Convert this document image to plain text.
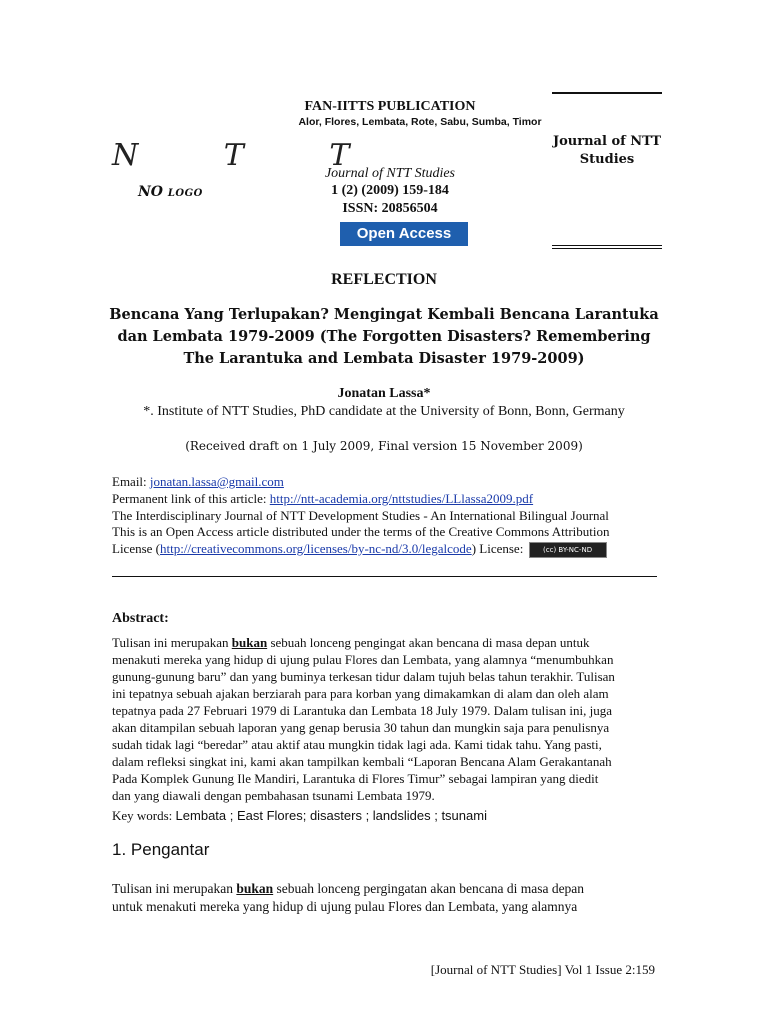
FAN-IITTS PUBLICATION
Alor, Flores, Lembata, Rote, Sabu, Sumba, Timor
N T T
NO LOGO
Journal of NTT Studies
1 (2) (2009) 159-184
ISSN: 20856504
Open Access
Journal of NTT Studies
REFLECTION
Bencana Yang Terlupakan? Mengingat Kembali Bencana Larantuka dan Lembata 1979-2009 (The Forgotten Disasters? Remembering The Larantuka and Lembata Disaster 1979-2009)
Jonatan Lassa*
*. Institute of NTT Studies, PhD candidate at the University of Bonn, Bonn, Germany
(Received draft on 1 July 2009, Final version 15 November 2009)
Email: jonatan.lassa@gmail.com
Permanent link of this article: http://ntt-academia.org/nttstudies/LLlassa2009.pdf
The Interdisciplinary Journal of NTT Development Studies - An International Bilingual Journal
This is an Open Access article distributed under the terms of the Creative Commons Attribution
License (http://creativecommons.org/licenses/by-nc-nd/3.0/legalcode) License:	(cc) BY-NC-ND
Abstract:
Tulisan ini merupakan bukan sebuah lonceng pengingat akan bencana di masa depan untuk
menakuti mereka yang hidup di ujung pulau Flores dan Lembata, yang alamnya “menumbuhkan
gunung-gunung baru” dan yang buminya terkesan tidur dalam tujuh belas tahun terakhir. Tulisan
ini tepatnya sebuah ajakan berziarah para para korban yang dimakamkan di alam dan oleh alam
tepatnya pada 27 Februari 1979 di Larantuka dan Lembata 18 July 1979. Dalam tulisan ini, juga
akan ditampilan sebuah laporan yang genap berusia 30 tahun dan mungkin saja para penulisnya
sudah tidak lagi “beredar” atau aktif atau mungkin tidak lagi ada. Kami tidak tahu. Yang pasti,
dalam refleksi singkat ini, kami akan tampilkan kembali “Laporan Bencana Alam Gerakantanah
Pada Komplek Gunung Ile Mandiri, Larantuka di Flores Timur” sebagai lampiran yang diedit
dan yang diawali dengan pembahasan tsunami Lembata 1979.
Key words: Lembata ; East Flores; disasters ; landslides ; tsunami
1. Pengantar
Tulisan ini merupakan bukan sebuah lonceng pergingatan akan bencana di masa depan
untuk menakuti mereka yang hidup di ujung pulau Flores dan Lembata, yang alamnya
[Journal of NTT Studies] Vol 1 Issue 2:159
